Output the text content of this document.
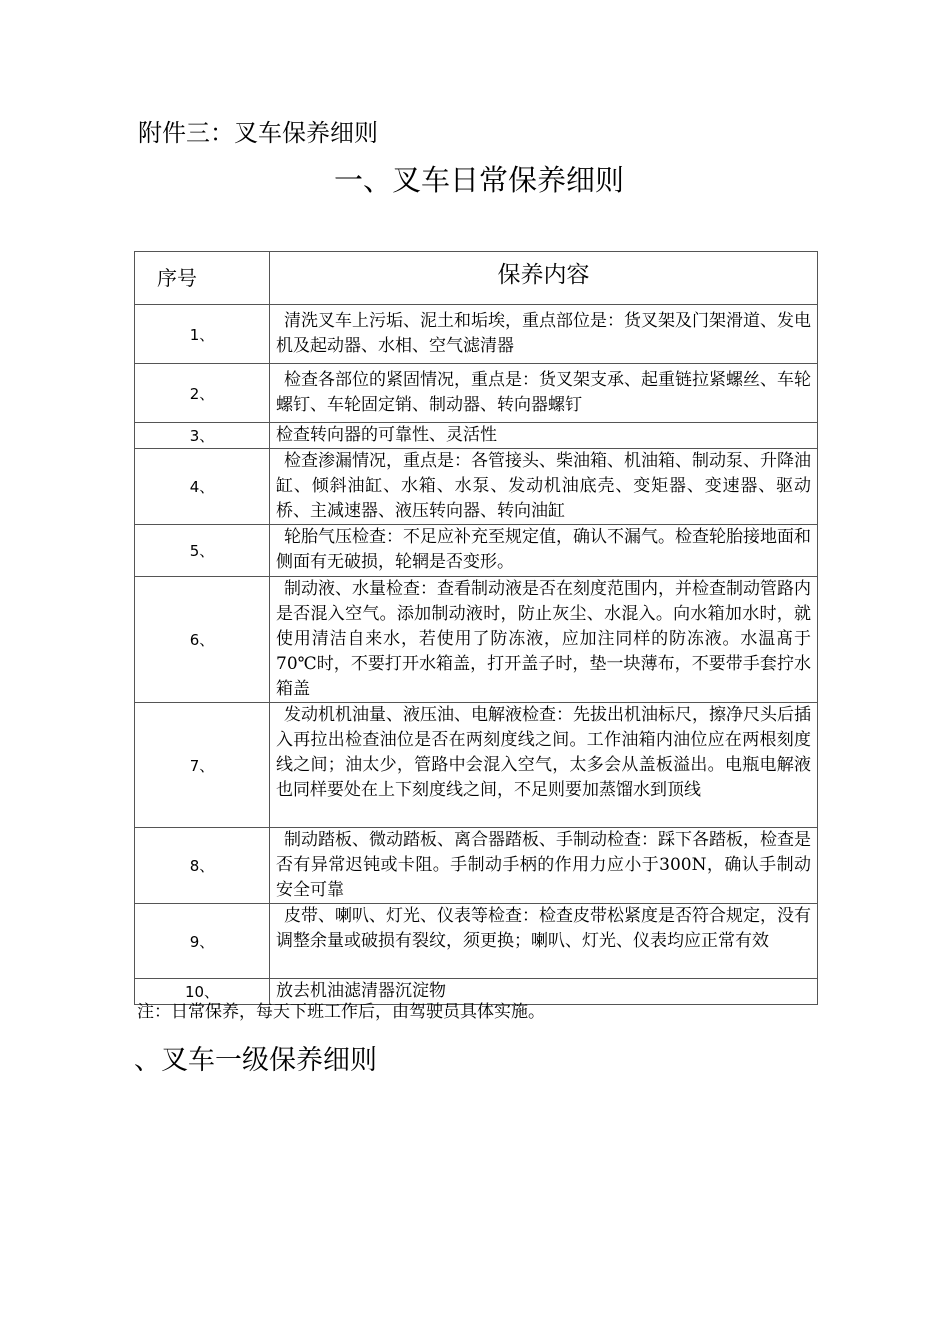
附件三：叉车保养细则
一、叉车日常保养细则
序号	保养内容
1、	清洗叉车上污垢、泥土和垢埃，重点部位是：货叉架及门架滑道、发电机及起动器、水相、空气滤清器
2、	检查各部位的紧固情况，重点是：货叉架支承、起重链拉紧螺丝、车轮螺钉、车轮固定销、制动器、转向器螺钉
3、	检查转向器的可靠性、灵活性
4、	检查渗漏情况，重点是：各管接头、柴油箱、机油箱、制动泵、升降油缸、倾斜油缸、水箱、水泵、发动机油底壳、变矩器、变速器、驱动桥、主减速器、液压转向器、转向油缸
5、	轮胎气压检查：不足应补充至规定值，确认不漏气。检查轮胎接地面和侧面有无破损，轮辋是否变形。
6、	制动液、水量检查：查看制动液是否在刻度范围内，并检查制动管路内是否混入空气。添加制动液时，防止灰尘、水混入。向水箱加水时，就使用清洁自来水，若使用了防冻液，应加注同样的防冻液。水温髙于70℃时，不要打开水箱盖，打开盖子时，垫一块薄布，不要带手套拧水箱盖
7、	发动机机油量、液压油、电解液检查：先拔出机油标尺，擦净尺头后插入再拉出检查油位是否在两刻度线之间。工作油箱内油位应在两根刻度线之间；油太少，管路中会混入空气，太多会从盖板溢出。电瓶电解液也同样要处在上下刻度线之间，不足则要加蒸馏水到顶线
8、	制动踏板、微动踏板、离合器踏板、手制动检查：踩下各踏板，检查是否有异常迟钝或卡阻。手制动手柄的作用力应小于300N，确认手制动安全可靠
9、	皮带、喇叭、灯光、仪表等检查：检查皮带松紧度是否符合规定，没有调整余量或破损有裂纹，须更换；喇叭、灯光、仪表均应正常有效
10、	放去机油滤清器沉淀物
注：日常保养，每天下班工作后，由驾驶员具体实施。
、叉车一级保养细则
